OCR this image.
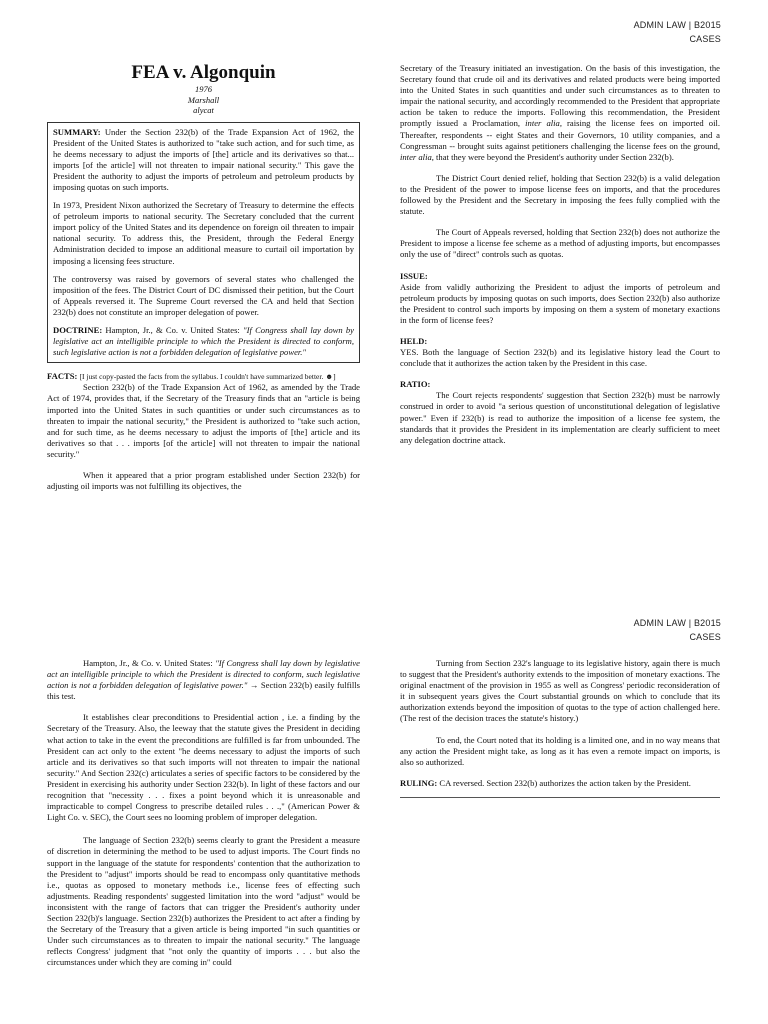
ADMIN LAW | B2015
CASES
FEA v. Algonquin
1976
Marshall
alycat

SUMMARY: Under the Section 232(b) of the Trade Expansion Act of 1962, the President of the United States is authorized to "take such action, and for such time, as he deems necessary to adjust the imports of [the] article and its derivatives so that... imports [of the article] will not threaten to impair national security." This gave the President the authority to adjust the imports of petroleum and petroleum products by imposing quotas on such imports.

In 1973, President Nixon authorized the Secretary of Treasury to determine the effects of petroleum imports to national security. The Secretary concluded that the current import policy of the United States and its dependence on foreign oil threaten to impair national security. To address this, the President, through the Federal Energy Administration decided to impose an additional measure to curtail oil importation by imposing a licensing fees structure.

The controversy was raised by governors of several states who challenged the imposition of the fees. The District Court of DC dismissed their petition, but the Court of Appeals reversed it. The Supreme Court reversed the CA and held that Section 232(b) does not constitute an improper delegation of power.

DOCTRINE: Hampton, Jr., & Co. v. United States: "If Congress shall lay down by legislative act an intelligible principle to which the President is directed to conform, such legislative action is not a forbidden delegation of legislative power."

FACTS: [I just copy-pasted the facts from the syllabus. I couldn't have summarized better. ☻]

Section 232(b) of the Trade Expansion Act of 1962, as amended by the Trade Act of 1974, provides that, if the Secretary of the Treasury finds that an "article is being imported into the United States in such quantities or under such circumstances as to threaten to impair the national security," the President is authorized to "take such action, and for such time, as he deems necessary to adjust the imports of [the] article and its derivatives so that . . . imports [of the article] will not threaten to impair the national security."

When it appeared that a prior program established under Section 232(b) for adjusting oil imports was not fulfilling its objectives, the

Secretary of the Treasury initiated an investigation. On the basis of this investigation, the Secretary found that crude oil and its derivatives and related products were being imported into the United States in such quantities and under such circumstances as to threaten to impair the national security, and accordingly recommended to the President that appropriate action be taken to reduce the imports. Following this recommendation, the President promptly issued a Proclamation, inter alia, raising the license fees on imported oil. Thereafter, respondents -- eight States and their Governors, 10 utility companies, and a Congressman -- brought suits against petitioners challenging the license fees on the ground, inter alia, that they were beyond the President's authority under Section 232(b).

The District Court denied relief, holding that Section 232(b) is a valid delegation to the President of the power to impose license fees on imports, and that the procedures followed by the President and the Secretary in imposing the fees fully complied with the statute.

The Court of Appeals reversed, holding that Section 232(b) does not authorize the President to impose a license fee scheme as a method of adjusting imports, but encompasses only the use of "direct" controls such as quotas.

ISSUE:

Aside from validly authorizing the President to adjust the imports of petroleum and petroleum products by imposing quotas on such imports, does Section 232(b) also authorize the President to control such imports by imposing on them a system of monetary exactions in the form of license fees?

HELD:

YES. Both the language of Section 232(b) and its legislative history lead the Court to conclude that it authorizes the action taken by the President in this case.

RATIO:

The Court rejects respondents' suggestion that Section 232(b) must be narrowly construed in order to avoid "a serious question of unconstitutional delegation of legislative power." Even if 232(b) is read to authorize the imposition of a license fee system, the standards that it provides the President in its implementation are clearly sufficient to meet any delegation doctrine attack.

ADMIN LAW | B2015
CASES

Hampton, Jr., & Co. v. United States: "If Congress shall lay down by legislative act an intelligible principle to which the President is directed to conform, such legislative action is not a forbidden delegation of legislative power." → Section 232(b) easily fulfills this test.

It establishes clear preconditions to Presidential action , i.e. a finding by the Secretary of the Treasury. Also, the leeway that the statute gives the President in deciding what action to take in the event the preconditions are fulfilled is far from unbounded. The President can act only to the extent "he deems necessary to adjust the imports of such article and its derivatives so that such imports will not threaten to impair the national security." And Section 232(c) articulates a series of specific factors to be considered by the President in exercising his authority under Section 232(b). In light of these factors and our recognition that "necessity . . . fixes a point beyond which it is unreasonable and impracticable to compel Congress to prescribe detailed rules . . .," (American Power & Light Co. v. SEC), the Court sees no looming problem of improper delegation.

The language of Section 232(b) seems clearly to grant the President a measure of discretion in determining the method to be used to adjust imports. The Court finds no support in the language of the statute for respondents' contention that the authorization to the President to "adjust" imports should be read to encompass only quantitative methods i.e., quotas as opposed to monetary methods i.e., license fees of effecting such adjustments. Reading respondents' suggested limitation into the word "adjust" would be inconsistent with the range of factors that can trigger the President's authority under Section 232(b)'s language. Section 232(b) authorizes the President to act after a finding by the Secretary of the Treasury that a given article is being imported "in such quantities or Under such circumstances as to threaten to impair the national security." The language reflects Congress' judgment that "not only the quantity of imports . . . but also the circumstances under which they are coming in" could

Turning from Section 232's language to its legislative history, again there is much to suggest that the President's authority extends to the imposition of monetary exactions. The original enactment of the provision in 1955 as well as Congress' periodic reconsideration of it in subsequent years gives the Court substantial grounds on which to conclude that its authorization extends beyond the imposition of quotas to the type of action challenged here. (The rest of the decision traces the statute's history.)

To end, the Court noted that its holding is a limited one, and in no way means that any action the President might take, as long as it has even a remote impact on imports, is also so authorized.

RULING: CA reversed. Section 232(b) authorizes the action taken by the President.
